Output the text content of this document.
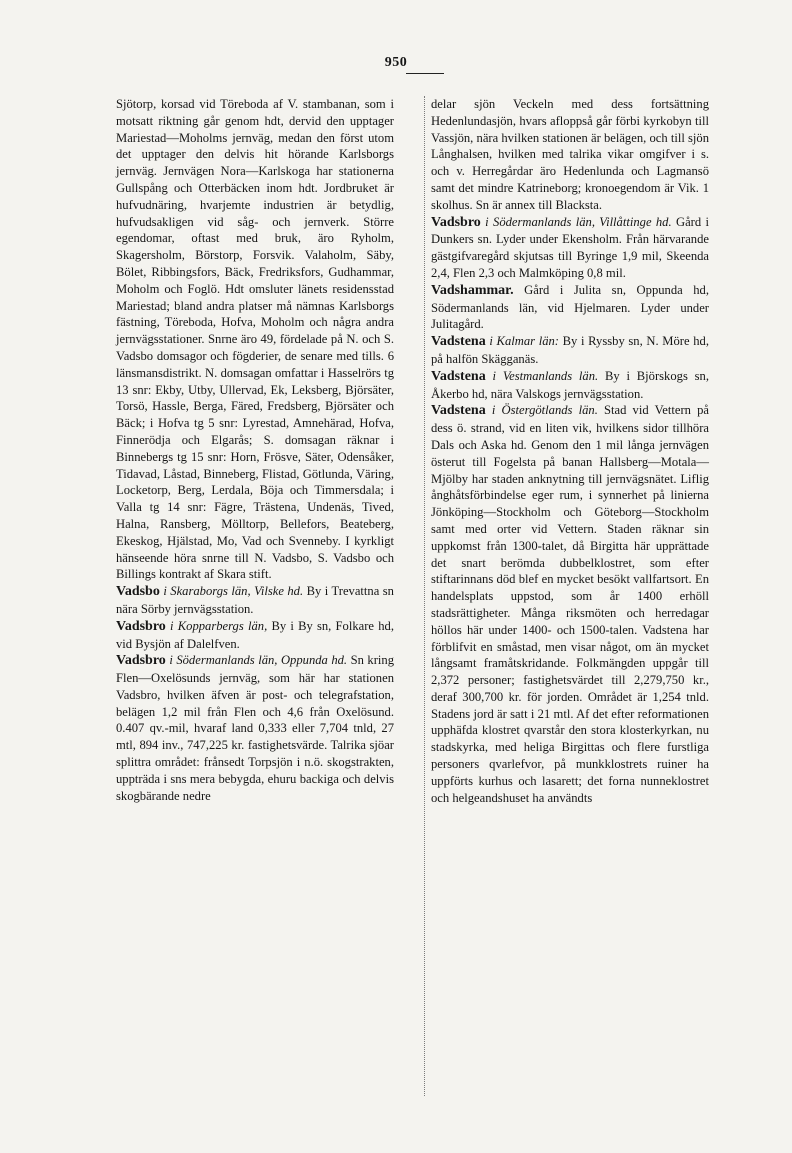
950

Sjötorp, korsad vid Töreboda af V. stambanan, som i motsatt riktning går genom hdt, dervid den upptager Mariestad—Moholms jernväg, medan den först utom det upptager den delvis hit hörande Karlsborgs jernväg. Jernvägen Nora—Karlskoga har stationerna Gullspång och Otterbäcken inom hdt. Jordbruket är hufvudnäring, hvarjemte industrien är betydlig, hufvudsakligen vid såg- och jernverk. Större egendomar, oftast med bruk, äro Ryholm, Skagersholm, Börstorp, Forsvik. Valaholm, Säby, Bölet, Ribbingsfors, Bäck, Fredriksfors, Gudhammar, Moholm och Foglö. Hdt omsluter länets residensstad Mariestad; bland andra platser må nämnas Karlsborgs fästning, Töreboda, Hofva, Moholm och några andra jernvägsstationer. Snrne äro 49, fördelade på N. och S. Vadsbo domsagor och fögderier, de senare med tills. 6 länsmansdistrikt. N. domsagan omfattar i Hasselrörs tg 13 snr: Ekby, Utby, Ullervad, Ek, Leksberg, Björsäter, Torsö, Hassle, Berga, Färed, Fredsberg, Björsäter och Bäck; i Hofva tg 5 snr: Lyrestad, Amnehärad, Hofva, Finnerödja och Elgarås; S. domsagan räknar i Binnebergs tg 15 snr: Horn, Frösve, Säter, Odensåker, Tidavad, Låstad, Binneberg, Flistad, Götlunda, Väring, Locketorp, Berg, Lerdala, Böja och Timmersdala; i Valla tg 14 snr: Fägre, Trästena, Undenäs, Tived, Halna, Ransberg, Mölltorp, Bellefors, Beateberg, Ekeskog, Hjälstad, Mo, Vad och Svenneby. I kyrkligt hänseende höra snrne till N. Vadsbo, S. Vadsbo och Billings kontrakt af Skara stift.

Vadsbo i Skaraborgs län, Vilske hd. By i Trevattna sn nära Sörby jernvägsstation.

Vadsbro i Kopparbergs län, By i By sn, Folkare hd, vid Bysjön af Dalelfven.

Vadsbro i Södermanlands län, Oppunda hd. Sn kring Flen—Oxelösunds jernväg, som här har stationen Vadsbro, hvilken äfven är post- och telegrafstation, belägen 1,2 mil från Flen och 4,6 från Oxelösund. 0.407 qv.-mil, hvaraf land 0,333 eller 7,704 tnld, 27 mtl, 894 inv., 747,225 kr. fastighetsvärde. Talrika sjöar splittra området: frånsedt Torpsjön i n.ö. skogstrakten, uppträda i sns mera bebygda, ehuru backiga och delvis skogbärande nedre

delar sjön Veckeln med dess fortsättning Hedenlundasjön, hvars afloppså går förbi kyrkobyn till Vassjön, nära hvilken stationen är belägen, och till sjön Långhalsen, hvilken med talrika vikar omgifver i s. och v. Herregårdar äro Hedenlunda och Lagmansö samt det mindre Katrineborg; kronoegendom är Vik. 1 skolhus. Sn är annex till Blacksta.

Vadsbro i Södermanlands län, Villåttinge hd. Gård i Dunkers sn. Lyder under Ekensholm. Från härvarande gästgifvaregård skjutsas till Byringe 1,9 mil, Skeenda 2,4, Flen 2,3 och Malmköping 0,8 mil.

Vadshammar. Gård i Julita sn, Oppunda hd, Södermanlands län, vid Hjelmaren. Lyder under Julitagård.

Vadstena i Kalmar län: By i Ryssby sn, N. Möre hd, på halfön Skägganäs.

Vadstena i Vestmanlands län. By i Björskogs sn, Åkerbo hd, nära Valskogs jernvägsstation.

Vadstena i Östergötlands län. Stad vid Vettern på dess ö. strand, vid en liten vik, hvilkens sidor tillhöra Dals och Aska hd. Genom den 1 mil långa jernvägen österut till Fogelsta på banan Hallsberg—Motala—Mjölby har staden anknytning till jernvägsnätet. Liflig ånghåtsförbindelse eger rum, i synnerhet på linierna Jönköping—Stockholm och Göteborg—Stockholm samt med orter vid Vettern. Staden räknar sin uppkomst från 1300-talet, då Birgitta här upprättade det snart berömda dubbelklostret, som efter stiftarinnans död blef en mycket besökt vallfartsort. En handelsplats uppstod, som år 1400 erhöll stadsrättigheter. Många riksmöten och herredagar höllos här under 1400- och 1500-talen. Vadstena har förblifvit en småstad, men visar något, om än mycket långsamt framåtskridande. Folkmängden uppgår till 2,372 personer; fastighetsvärdet till 2,279,750 kr., deraf 300,700 kr. för jorden. Området är 1,254 tnld. Stadens jord är satt i 21 mtl. Af det efter reformationen upphäfda klostret qvarstår den stora klosterkyrkan, nu stadskyrka, med heliga Birgittas och flere furstliga personers qvarlefvor, på munkklostrets ruiner ha uppförts kurhus och lasarett; det forna nunneklostret och helgeandshuset ha användts
